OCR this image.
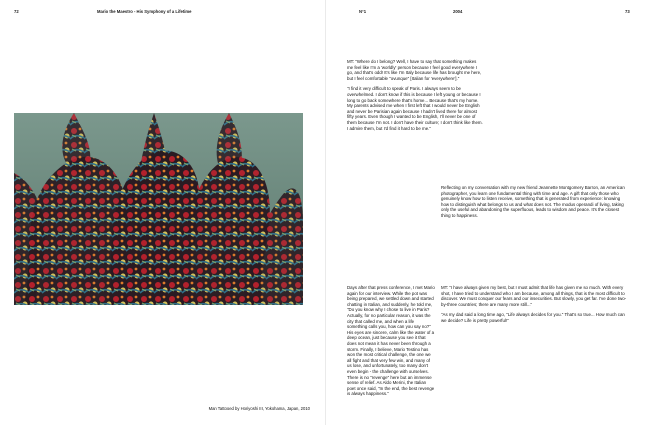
72	Mario the Maestro - His Symphony of a Lifetime
Man Tattooed by Horiyoshi III, Yokohama, Japan, 2010
N°1	2004	73

MT: "Where do I belong? Well, I have to say that something makes me feel like I'm a 'worldly' person because I feel good everywhere I go, and that's odd! It's like I'm Italy because life has brought me here, but I feel comfortable "ovunque" [Italian for 'everywhere']."

"I find it very difficult to speak of Paris. I always seem to be overwhelmed. I don't know if this is because I left young or because I long to go back somewhere that's home... Because that's my home. My parents advised me when I first left that I would never be English and never be Parisian again because I hadn't lived there for almost fifty years. Even though I wanted to be English, I'll never be one of them because I'm not. I don't have their culture; I don't think like them. I admire them, but I'd find it hard to be me."

Reflecting on my conversation with my new friend Jeannette Montgomery Barron, an American photographer, you learn one fundamental thing with time and age. A gift that only those who genuinely know how to listen receive, something that is generated from experience: knowing how to distinguish what belongs to us and what does not. The modus operandi of living, taking only the useful and abandoning the superfluous, leads to wisdom and peace. It's the closest thing to happiness.

Days after that press conference, I met Mario again for our interview. While the pot was being prepared, we settled down and started chatting in Italian, and suddenly, he told me, "Do you know why I chose to live in Paris? Actually, for no particular reason, it was the city that called me, and when a life something calls you, how can you say no?" His eyes are sincere, calm like the water of a deep ocean, just because you see it that does not mean it has never been through a storm. Finally, I believe, Mario Testino has won the most critical challenge, the one we all fight and that very few win, and many of us lose, and unfortunately, too many don't even begin - the challenge with ourselves. There is no "revenge" here but an immense sense of relief. As Aldo Merini, the Italian poet once said, "In the end, the best revenge is always happiness."

MT: "I have always given my best, but I must admit that life has given me so much. With every shot, I have tried to understand who I am because, among all things, that is the most difficult to discover. We must conquer our fears and our insecurities. But slowly, you get far. I've done two-by-three countries; there are many more still..."

"As my dad said a long time ago, "Life always decides for you." That's so true... How much can we decide? Life is pretty powerful!"
